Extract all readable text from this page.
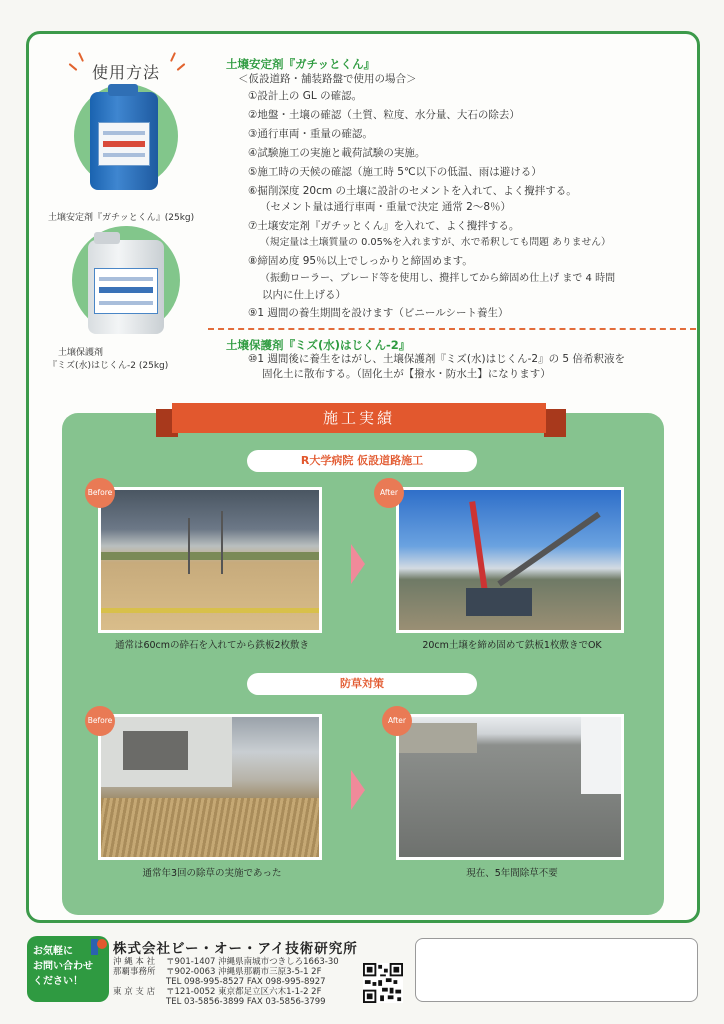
使用方法
土壌安定剤『ガチッとくん』(25kg)
土壌保護剤
『ミズ(水)はじくん-2 (25kg)
土壌安定剤『ガチッとくん』
＜仮設道路・舗装路盤で使用の場合＞
①設計上の GL の確認。
②地盤・土壌の確認（土質、粒度、水分量、大石の除去）
③通行車両・重量の確認。
④試験施工の実施と載荷試験の実施。
⑤施工時の天候の確認（施工時 5℃以下の低温、雨は避ける）
⑥掘削深度 20cm の土壌に設計のセメントを入れて、よく攪拌する。
（セメント量は通行車両・重量で決定 通常 2～8％）
⑦土壌安定剤『ガチッとくん』を入れて、よく攪拌する。
（規定量は土壌質量の 0.05%を入れますが、水で希釈しても問題 ありません）
⑧締固め度 95％以上でしっかりと締固めます。
（振動ローラー、ブレード等を使用し、攪拌してから締固め仕上げ まで 4 時間
以内に仕上げる）
⑨1 週間の養生期間を設けます（ビニールシート養生）
土壌保護剤『ミズ(水)はじくん-2』
⑩1 週間後に養生をはがし、土壌保護剤『ミズ(水)はじくん-2』の 5 倍希釈液を
固化土に散布する。（固化土が【撥水・防水土】になります）
施工実績
R大学病院 仮設道路施工
Before	After
通常は60cmの砕石を入れてから鉄板2枚敷き	20cm土壌を締め固めて鉄板1枚敷きでOK
防草対策
Before	After
通常年3回の除草の実施であった	現在、5年間除草不要
お気軽に
お問い合わせ
ください！
株式会社ビー・オー・アイ技術研究所
沖 縄 本 社 〒901-1407 沖縄県南城市つきしろ1663-30
那覇事務所 〒902-0063 沖縄県那覇市三原3-5-1 2F
TEL 098-995-8527 FAX 098-995-8927
東 京 支 店 〒121-0052 東京都足立区六木1-1-2 2F
TEL 03-5856-3899 FAX 03-5856-3799
